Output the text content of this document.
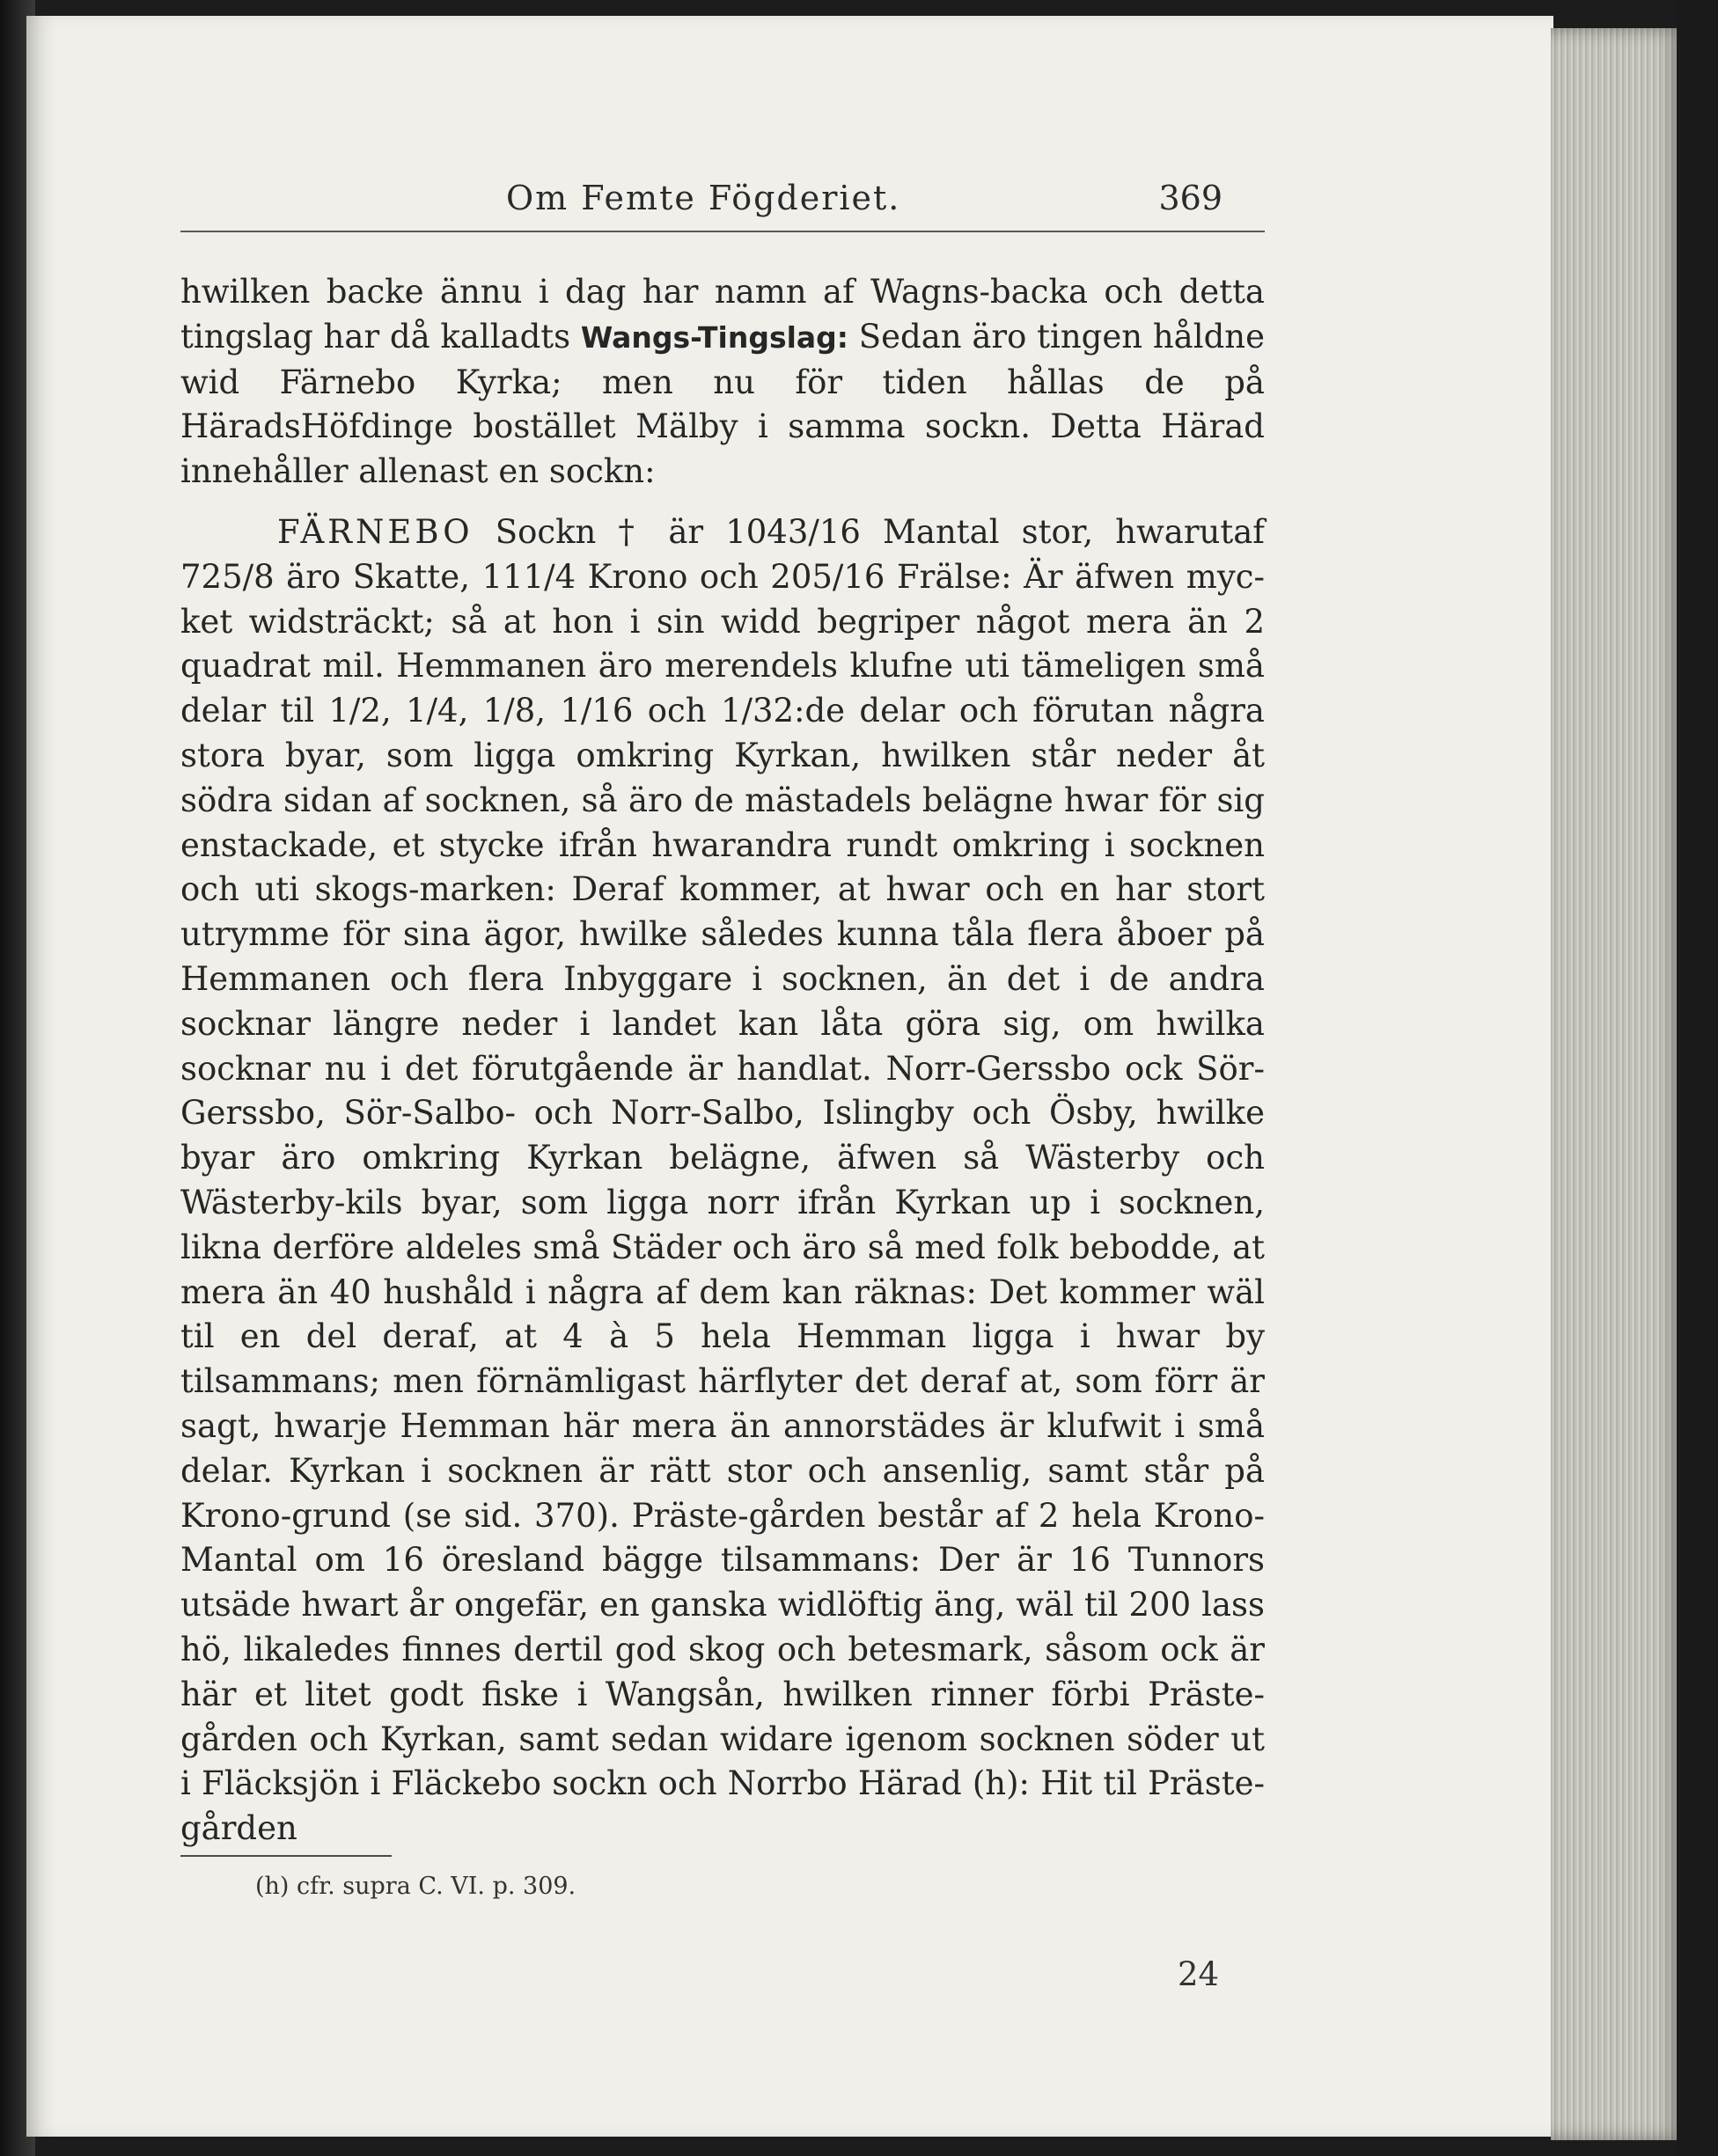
Om Femte Fögderiet.	369

hwilken backe ännu i dag har namn af Wagns-backa och detta tingslag har då kalladts Wangs-Tingslag: Sedan äro tingen håldne wid Färnebo Kyrka; men nu för tiden hållas de på HäradsHöfdinge bostället Mälby i samma sockn. Detta Härad innehåller allenast en sockn:

FÄRNEBO Sockn † är 1043/16 Mantal stor, hwarutaf 725/8 äro Skatte, 111/4 Krono och 205/16 Frälse: Är äfwen mycket widsträckt; så at hon i sin widd begriper något mera än 2 quadrat mil. Hemmanen äro merendels klufne uti tämeligen små delar til 1/2, 1/4, 1/8, 1/16 och 1/32:de delar och förutan några stora byar, som ligga omkring Kyrkan, hwilken står neder åt södra sidan af socknen, så äro de mästadels belägne hwar för sig enstackade, et stycke ifrån hwarandra rundt omkring i socknen och uti skogs-marken: Deraf kommer, at hwar och en har stort utrymme för sina ägor, hwilke således kunna tåla flera åboer på Hemmanen och flera Inbyggare i socknen, än det i de andra socknar längre neder i landet kan låta göra sig, om hwilka socknar nu i det förutgående är handlat. Norr-Gerssbo ock Sör-Gerssbo, Sör-Salbo- och Norr-Salbo, Islingby och Ösby, hwilke byar äro omkring Kyrkan belägne, äfwen så Wästerby och Wästerby-kils byar, som ligga norr ifrån Kyrkan up i socknen, likna derföre aldeles små Städer och äro så med folk bebodde, at mera än 40 hushåld i några af dem kan räknas: Det kommer wäl til en del deraf, at 4 à 5 hela Hemman ligga i hwar by tilsammans; men förnämligast härflyter det deraf at, som förr är sagt, hwarje Hemman här mera än annorstädes är klufwit i små delar. Kyrkan i socknen är rätt stor och ansenlig, samt står på Krono-grund (se sid. 370). Präste-gården består af 2 hela Krono-Mantal om 16 öresland bägge tilsammans: Der är 16 Tunnors utsäde hwart år ongefär, en ganska widlöftig äng, wäl til 200 lass hö, likaledes finnes dertil god skog och betesmark, såsom ock är här et litet godt fiske i Wangsån, hwilken rinner förbi Präste-gården och Kyrkan, samt sedan widare igenom socknen söder ut i Fläcksjön i Fläckebo sockn och Norrbo Härad (h): Hit til Präste-gården

(h) cfr. supra C. VI. p. 309.
24
